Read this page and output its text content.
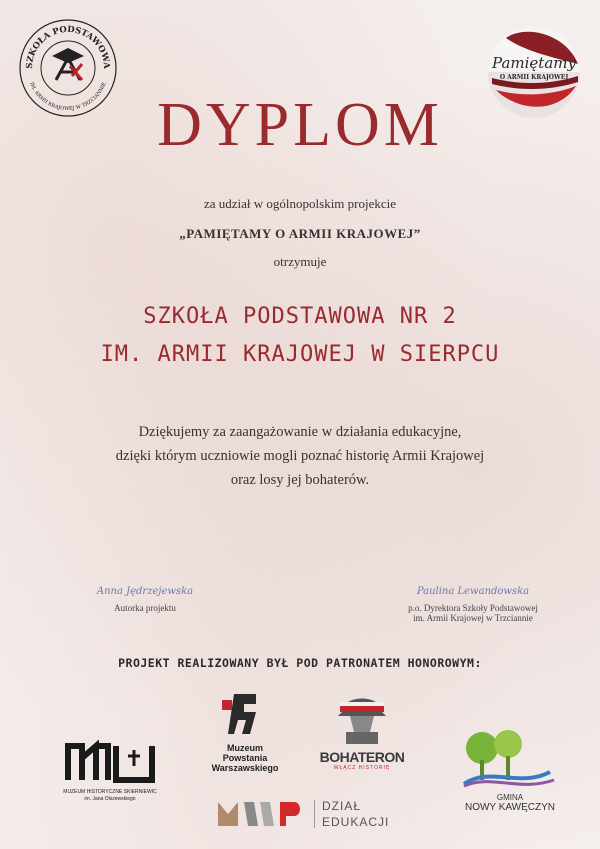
SZKOŁA PODSTAWOWA
IM. ARMII KRAJOWEJ W TRZCIANNIE
Pamiętamy
O ARMII KRAJOWEJ
DYPLOM
za udział w ogólnopolskim projekcie
„PAMIĘTAMY O ARMII KRAJOWEJ”
otrzymuje
SZKOŁA PODSTAWOWA NR 2
IM. ARMII KRAJOWEJ W SIERPCU
Dziękujemy za zaangażowanie w działania edukacyjne,
dzięki którym uczniowie mogli poznać historię Armii Krajowej
oraz losy jej bohaterów.
Anna Jędrzejewska
Autorka projektu
Paulina Lewandowska
p.o. Dyrektora Szkoły Podstawowej
im. Armii Krajowej w Trzciannie
PROJEKT REALIZOWANY BYŁ POD PATRONATEM HONOROWYM:
Muzeum
Powstania
Warszawskiego
BOHATERON
WŁĄCZ HISTORIĘ
MUZEUM HISTORYCZNE SKIERNIEWIC
im. Jana Olszewskiego	DZIAŁ
EDUKACJI
GMINA
NOWY KAWĘCZYN
